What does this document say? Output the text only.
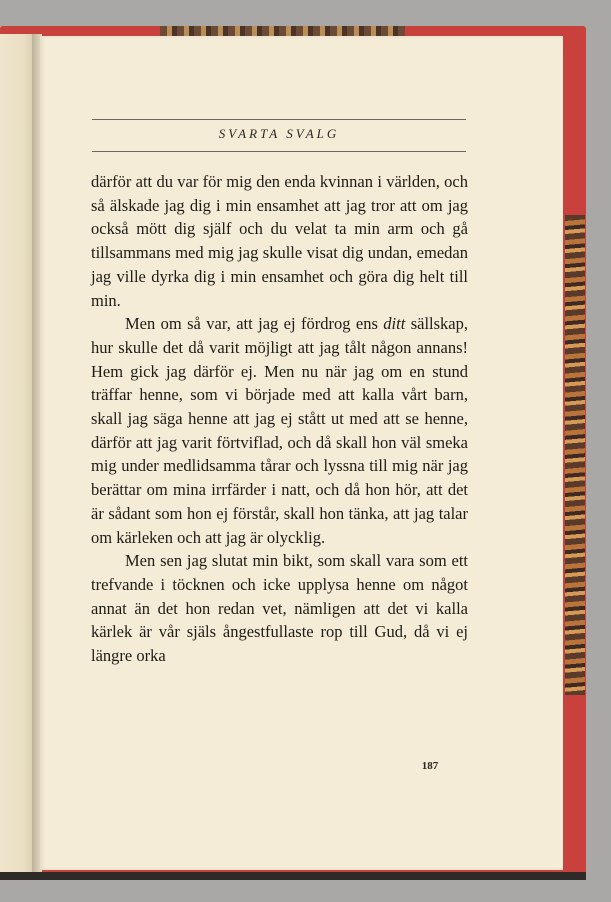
SVARTA SVALG

därför att du var för mig den enda kvinnan i världen, och så älskade jag dig i min ensamhet att jag tror att om jag också mött dig själf och du velat ta min arm och gå tillsammans med mig jag skulle visat dig undan, emedan jag ville dyrka dig i min ensamhet och göra dig helt till min.

Men om så var, att jag ej fördrog ens ditt sällskap, hur skulle det då varit möjligt att jag tålt någon annans! Hem gick jag därför ej. Men nu när jag om en stund träffar henne, som vi började med att kalla vårt barn, skall jag säga henne att jag ej stått ut med att se henne, därför att jag varit förtviflad, och då skall hon väl smeka mig under medlidsamma tårar och lyssna till mig när jag berättar om mina irrfärder i natt, och då hon hör, att det är sådant som hon ej förstår, skall hon tänka, att jag talar om kärleken och att jag är olycklig.

Men sen jag slutat min bikt, som skall vara som ett trefvande i töcknen och icke upplysa henne om något annat än det hon redan vet, nämligen att det vi kalla kärlek är vår själs ångestfullaste rop till Gud, då vi ej längre orka

187
